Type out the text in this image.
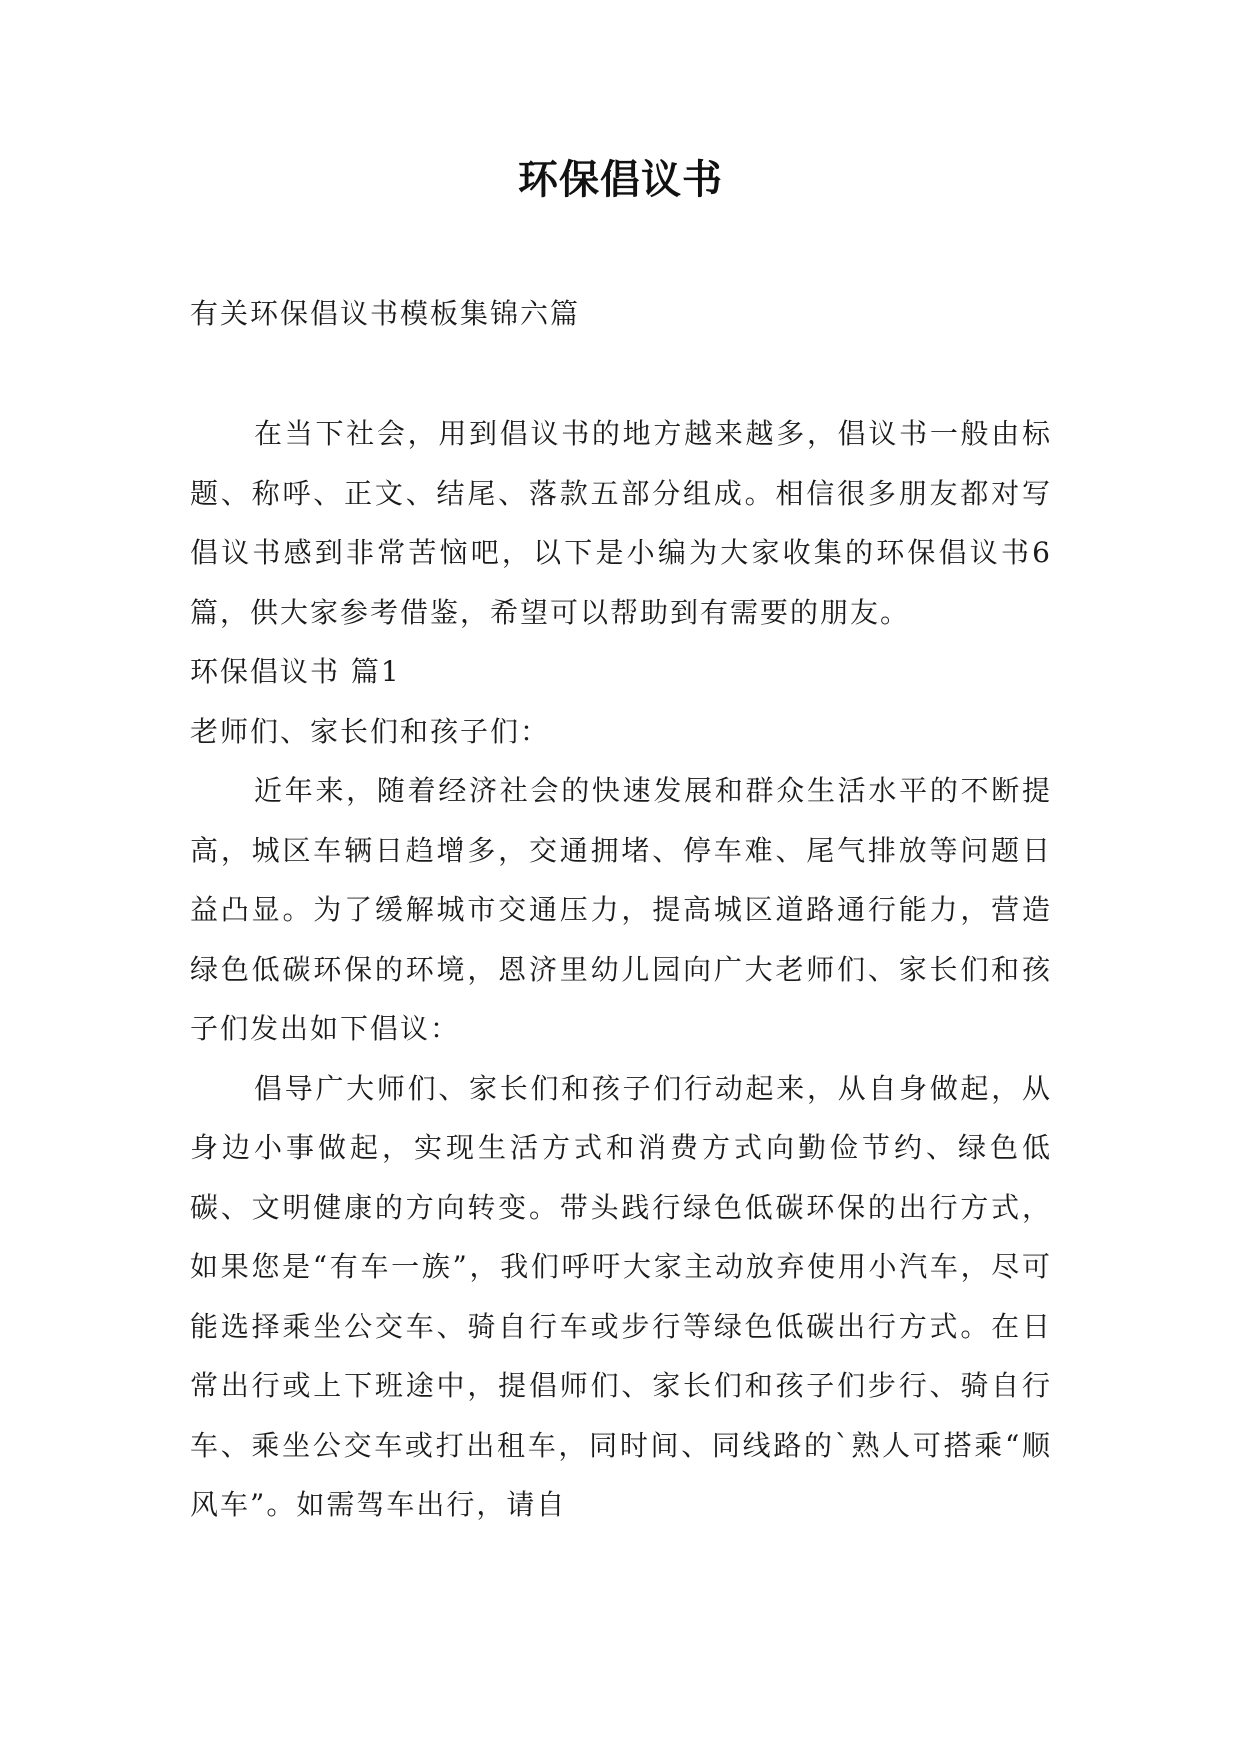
环保倡议书
有关环保倡议书模板集锦六篇

在当下社会，用到倡议书的地方越来越多，倡议书一般由标题、称呼、正文、结尾、落款五部分组成。相信很多朋友都对写倡议书感到非常苦恼吧，以下是小编为大家收集的环保倡议书6篇，供大家参考借鉴，希望可以帮助到有需要的朋友。

环保倡议书 篇1

老师们、家长们和孩子们：

近年来，随着经济社会的快速发展和群众生活水平的不断提高，城区车辆日趋增多，交通拥堵、停车难、尾气排放等问题日益凸显。为了缓解城市交通压力，提高城区道路通行能力，营造绿色低碳环保的环境，恩济里幼儿园向广大老师们、家长们和孩子们发出如下倡议：

倡导广大师们、家长们和孩子们行动起来，从自身做起，从身边小事做起，实现生活方式和消费方式向勤俭节约、绿色低碳、文明健康的方向转变。带头践行绿色低碳环保的出行方式，如果您是“有车一族”，我们呼吁大家主动放弃使用小汽车，尽可能选择乘坐公交车、骑自行车或步行等绿色低碳出行方式。在日常出行或上下班途中，提倡师们、家长们和孩子们步行、骑自行车、乘坐公交车或打出租车，同时间、同线路的`熟人可搭乘“顺风车”。如需驾车出行，请自
